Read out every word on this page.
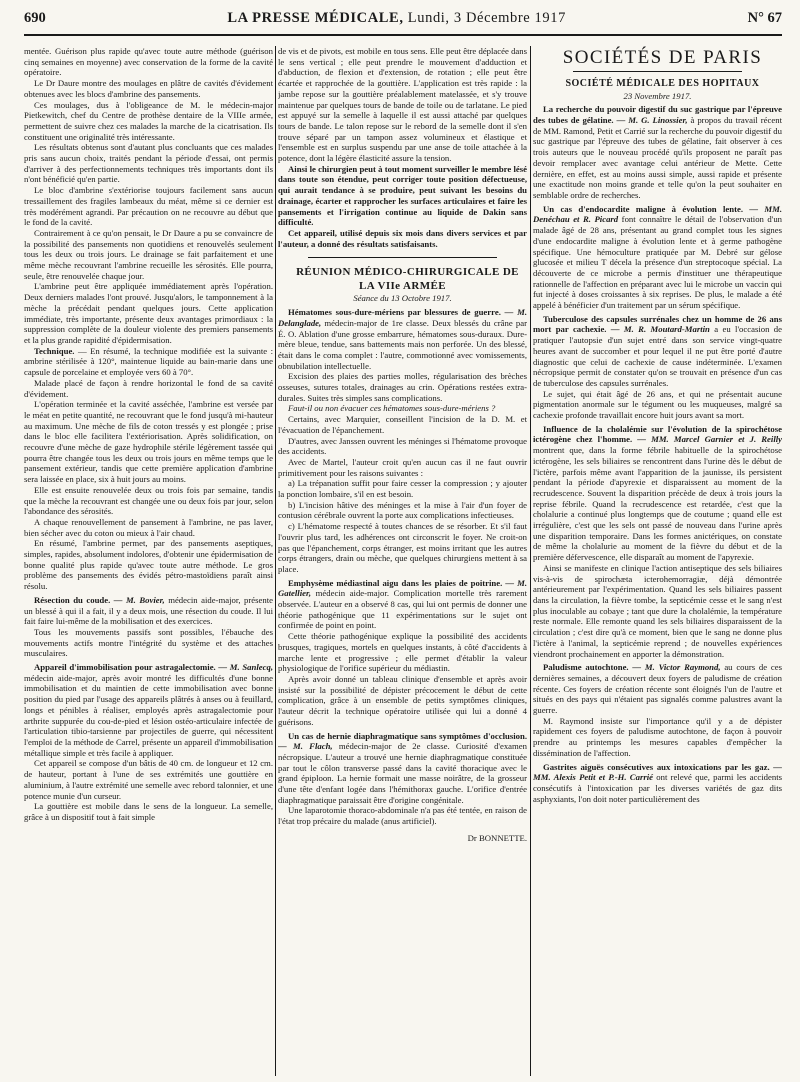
690	LA PRESSE MÉDICALE, Lundi, 3 Décembre 1917	N° 67

mentée. Guérison plus rapide qu'avec toute autre méthode (guérison cinq semaines en moyenne) avec conservation de la forme de la cavité opératoire.

Le Dr Daure montre des moulages en plâtre de cavités d'évidement obtenues avec les blocs d'ambrine des pansements.

Ces moulages, dus à l'obligeance de M. le médecin-major Pietkewitch, chef du Centre de prothèse dentaire de la VIIIe armée, permettent de suivre chez ces malades la marche de la cicatrisation. Ils constituent une originalité très intéressante.

Les résultats obtenus sont d'autant plus concluants que ces malades pris sans aucun choix, traités pendant la période d'essai, ont permis d'arriver à des perfectionnements techniques très importants dont ils n'ont bénéficié qu'en partie.

Le bloc d'ambrine s'extériorise toujours facilement sans aucun tressaillement des fragiles lambeaux du méat, même si ce dernier est très modérément agrandi. Par précaution on ne recouvre au début que le fond de la cavité.

Contrairement à ce qu'on pensait, le Dr Daure a pu se convaincre de la possibilité des pansements non quotidiens et renouvelés seulement tous les deux ou trois jours. Le drainage se fait parfaitement et une même mèche recouvrant l'ambrine recueille les sérosités. Elle pourra, seule, être renouvelée chaque jour.

L'ambrine peut être appliquée immédiatement après l'opération. Deux derniers malades l'ont prouvé. Jusqu'alors, le tamponnement à la mèche la précédait pendant quelques jours. Cette application immédiate, très importante, présente deux avantages primordiaux : la suppression complète de la douleur violente des premiers pansements et la plus grande rapidité d'épidermisation.

Technique. — En résumé, la technique modifiée est la suivante : ambrine stérilisée à 120°, maintenue liquide au bain-marie dans une capsule de porcelaine et employée vers 60 à 70°.

Malade placé de façon à rendre horizontal le fond de sa cavité d'évidement.

L'opération terminée et la cavité asséchée, l'ambrine est versée par le méat en petite quantité, ne recouvrant que le fond jusqu'à mi-hauteur au maximum. Une mèche de fils de coton tressés y est plongée ; prise dans le bloc elle facilitera l'extériorisation. Après solidification, on recouvre d'une mèche de gaze hydrophile stérile légèrement tassée qui pourra être changée tous les deux ou trois jours en même temps que le pansement extérieur, tandis que cette première application d'ambrine sera laissée en place, six à huit jours au moins.

Elle est ensuite renouvelée deux ou trois fois par semaine, tandis que la mèche la recouvrant est changée une ou deux fois par jour, selon l'abondance des sérosités.

A chaque renouvellement de pansement à l'ambrine, ne pas laver, bien sécher avec du coton ou mieux à l'air chaud.

En résumé, l'ambrine permet, par des pansements aseptiques, simples, rapides, absolument indolores, d'obtenir une épidermisation de bonne qualité plus rapide qu'avec toute autre méthode. Le gros problème des pansements des évidés pétro-mastoïdiens paraît ainsi résolu.

Résection du coude. — M. Bovier, médecin aide-major, présente un blessé à qui il a fait, il y a deux mois, une résection du coude. Il lui fait faire lui-même de la mobilisation et des exercices.

Tous les mouvements passifs sont possibles, l'ébauche des mouvements actifs montre l'intégrité du système et des attaches musculaires.

Appareil d'immobilisation pour astragalectomie. — M. Sanlecq, médecin aide-major, après avoir montré les difficultés d'une bonne immobilisation et du maintien de cette immobilisation avec bonne position du pied par l'usage des appareils plâtrés à anses ou à feuillard, longs et pénibles à réaliser, employés après astragalectomie pour arthrite suppurée du cou-de-pied et lésion ostéo-articulaire infectée de l'articulation tibio-tarsienne par projectiles de guerre, qui nécessitent l'emploi de la méthode de Carrel, présente un appareil d'immobilisation métallique simple et très facile à appliquer.

Cet appareil se compose d'un bâtis de 40 cm. de longueur et 12 cm. de hauteur, portant à l'une de ses extrémités une gouttière en aluminium, à l'autre extrémité une semelle avec rebord talonnier, et une potence munie d'un curseur.

La gouttière est mobile dans le sens de la longueur. La semelle, grâce à un dispositif tout à fait simple

de vis et de pivots, est mobile en tous sens. Elle peut être déplacée dans le sens vertical ; elle peut prendre le mouvement d'adduction et d'abduction, de flexion et d'extension, de rotation ; elle peut être écartée et rapprochée de la gouttière. L'application est très rapide : la jambe repose sur la gouttière préalablement matelassée, et s'y trouve maintenue par quelques tours de bande de toile ou de tarlatane. Le pied est appuyé sur la semelle à laquelle il est aussi attaché par quelques tours de bande. Le talon repose sur le rebord de la semelle dont il s'en trouve séparé par un tampon assez volumineux et élastique et l'ensemble est en surplus suspendu par une anse de toile attachée à la potence, dont la légère élasticité assure la tension.

Ainsi le chirurgien peut à tout moment surveiller le membre lésé dans toute son étendue, peut corriger toute position défectueuse, qui aurait tendance à se produire, peut suivant les besoins du drainage, écarter et rapprocher les surfaces articulaires et faire les pansements et l'irrigation continue au liquide de Dakin sans difficulté.

Cet appareil, utilisé depuis six mois dans divers services et par l'auteur, a donné des résultats satisfaisants.

RÉUNION MÉDICO-CHIRURGICALE DE LA VIIe ARMÉE

Séance du 13 Octobre 1917.

Hématomes sous-dure-mériens par blessures de guerre. — M. Delanglade, médecin-major de 1re classe. Deux blessés du crâne par É. O. Ablation d'une grosse embarrure, hématomes sous-duraux. Dure-mère bleue, tendue, sans battements mais non perforée. Un des blessé, était dans le coma complet : l'autre, commotionné avec vomissements, obnubilation intellectuelle.

Excision des plaies des parties molles, régularisation des brèches osseuses, sutures totales, drainages au crin. Opérations restées extra-durales. Suites très simples sans complications.

Faut-il ou non évacuer ces hématomes sous-dure-mériens ?

Certains, avec Marquier, conseillent l'incision de la D. M. et l'évacuation de l'épanchement.

D'autres, avec Janssen ouvrent les méninges si l'hématome provoque des accidents.

Avec de Martel, l'auteur croit qu'en aucun cas il ne faut ouvrir primitivement pour les raisons suivantes :

a) La trépanation suffit pour faire cesser la compression ; y ajouter la ponction lombaire, s'il en est besoin.

b) L'incision hâtive des méninges et la mise à l'air d'un foyer de contusion cérébrale ouvrent la porte aux complications infectieuses.

c) L'hématome respecté à toutes chances de se résorber. Et s'il faut l'ouvrir plus tard, les adhérences ont circonscrit le foyer. Ne croit-on pas que l'épanchement, corps étranger, est moins irritant que les autres corps étrangers, drain ou mèche, que quelques chirurgiens mettent à sa place.

Emphysème médiastinal aigu dans les plaies de poitrine. — M. Gatellier, médecin aide-major. Complication mortelle très rarement observée. L'auteur en a observé 8 cas, qui lui ont permis de donner une théorie pathogénique que 11 expérimentations sur le sujet ont confirmée de point en point.

Cette théorie pathogénique explique la possibilité des accidents brusques, tragiques, mortels en quelques instants, à côté d'accidents à marche lente et progressive ; elle permet d'établir la valeur physiologique de l'orifice supérieur du médiastin.

Après avoir donné un tableau clinique d'ensemble et après avoir insisté sur la possibilité de dépister précocement le début de cette complication, grâce à un ensemble de petits symptômes cliniques, l'auteur décrit la technique opératoire utilisée qui lui a donné 4 guérisons.

Un cas de hernie diaphragmatique sans symptômes d'occlusion. — M. Flach, médecin-major de 2e classe. Curiosité d'examen nécropsique. L'auteur a trouvé une hernie diaphragmatique constituée par tout le côlon transverse passé dans la cavité thoracique avec le grand épiploon. La hernie formait une masse noirâtre, de la grosseur d'une tête d'enfant logée dans l'hémithorax gauche. L'orifice d'entrée diaphragmatique paraissait être d'origine congénitale.

Une laparotomie thoraco-abdominale n'a pas été tentée, en raison de l'état trop précaire du malade (anus artificiel).

Dr BONNETTE.

SOCIÉTÉS DE PARIS

SOCIÉTÉ MÉDICALE DES HOPITAUX

23 Novembre 1917.

La recherche du pouvoir digestif du suc gastrique par l'épreuve des tubes de gélatine. — M. G. Linossier, à propos du travail récent de MM. Ramond, Petit et Carrié sur la recherche du pouvoir digestif du suc gastrique par l'épreuve des tubes de gélatine, fait observer à ces trois auteurs que le nouveau procédé qu'ils proposent ne paraît pas devoir remplacer avec avantage celui antérieur de Mette. Cette dernière, en effet, est au moins aussi simple, aussi rapide et présente une exactitude non moins grande et telle qu'on la peut souhaiter en semblable ordre de recherches.

Un cas d'endocardite maligne à évolution lente. — MM. Denéchau et R. Picard font connaître le détail de l'observation d'un malade âgé de 28 ans, présentant au grand complet tous les signes d'une endocardite maligne à évolution lente et à germe pathogène spécifique. Une hémoculture pratiquée par M. Debré sur gélose glucosée et milieu T décela la présence d'un streptocoque spécial. La découverte de ce microbe a permis d'instituer une thérapeutique rationnelle de l'affection en préparant avec lui le microbe un vaccin qui fut injecté à doses croissantes à six reprises. De plus, le malade a été appelé à bénéficier d'un traitement par un sérum spécifique.

Tuberculose des capsules surrénales chez un homme de 26 ans mort par cachexie. — M. R. Moutard-Martin a eu l'occasion de pratiquer l'autopsie d'un sujet entré dans son service vingt-quatre heures avant de succomber et pour lequel il ne put être porté d'autre diagnostic que celui de cachexie de cause indéterminée. L'examen nécropsique permit de constater qu'on se trouvait en présence d'un cas de tuberculose des capsules surrénales.

Le sujet, qui était âgé de 26 ans, et qui ne présentait aucune pigmentation anormale sur le tégument ou les muqueuses, malgré sa cachexie profonde travaillait encore huit jours avant sa mort.

Influence de la cholalémie sur l'évolution de la spirochétose ictérogène chez l'homme. — MM. Marcel Garnier et J. Reilly montrent que, dans la forme fébrile habituelle de la spirochétose ictérogène, les sels biliaires se rencontrent dans l'urine dès le début de l'ictère, parfois même avant l'apparition de la jaunisse, ils persistent pendant la période d'apyrexie et disparaissent au moment de la recrudescence. Souvent la disparition précède de deux à trois jours la reprise fébrile. Quand la recrudescence est retardée, c'est que la cholalurie a continué plus longtemps que de coutume ; quand elle est irrégulière, c'est que les sels ont passé de nouveau dans l'urine après une disparition temporaire. Dans les formes anictériques, on constate de même la cholalurie au moment de la fièvre du début et de la première défervescence, elle disparaît au moment de l'apyrexie.

Ainsi se manifeste en clinique l'action antiseptique des sels biliaires vis-à-vis de spirochæta icterohemorragiæ, déjà démontrée antérieurement par l'expérimentation. Quand les sels biliaires passent dans la circulation, la fièvre tombe, la septicémie cesse et le sang n'est plus inoculable au cobaye ; tant que dure la cholalémie, la température reste normale. Elle remonte quand les sels biliaires disparaissent de la circulation ; c'est dire qu'à ce moment, bien que le sang ne donne plus l'ictère à l'animal, la septicémie reprend ; de nouvelles expériences viendront prochainement en apporter la démonstration.

Paludisme autochtone. — M. Victor Raymond, au cours de ces dernières semaines, a découvert deux foyers de paludisme de création récente. Ces foyers de création récente sont éloignés l'un de l'autre et situés en des pays qui n'étaient pas signalés comme palustres avant la guerre.

M. Raymond insiste sur l'importance qu'il y a de dépister rapidement ces foyers de paludisme autochtone, de façon à pouvoir prendre au printemps les mesures capables d'empêcher la dissémination de l'affection.

Gastrites aiguës consécutives aux intoxications par les gaz. — MM. Alexis Petit et P.-H. Carrié ont relevé que, parmi les accidents consécutifs à l'intoxication par les diverses variétés de gaz dits asphyxiants, l'on doit noter particulièrement des
